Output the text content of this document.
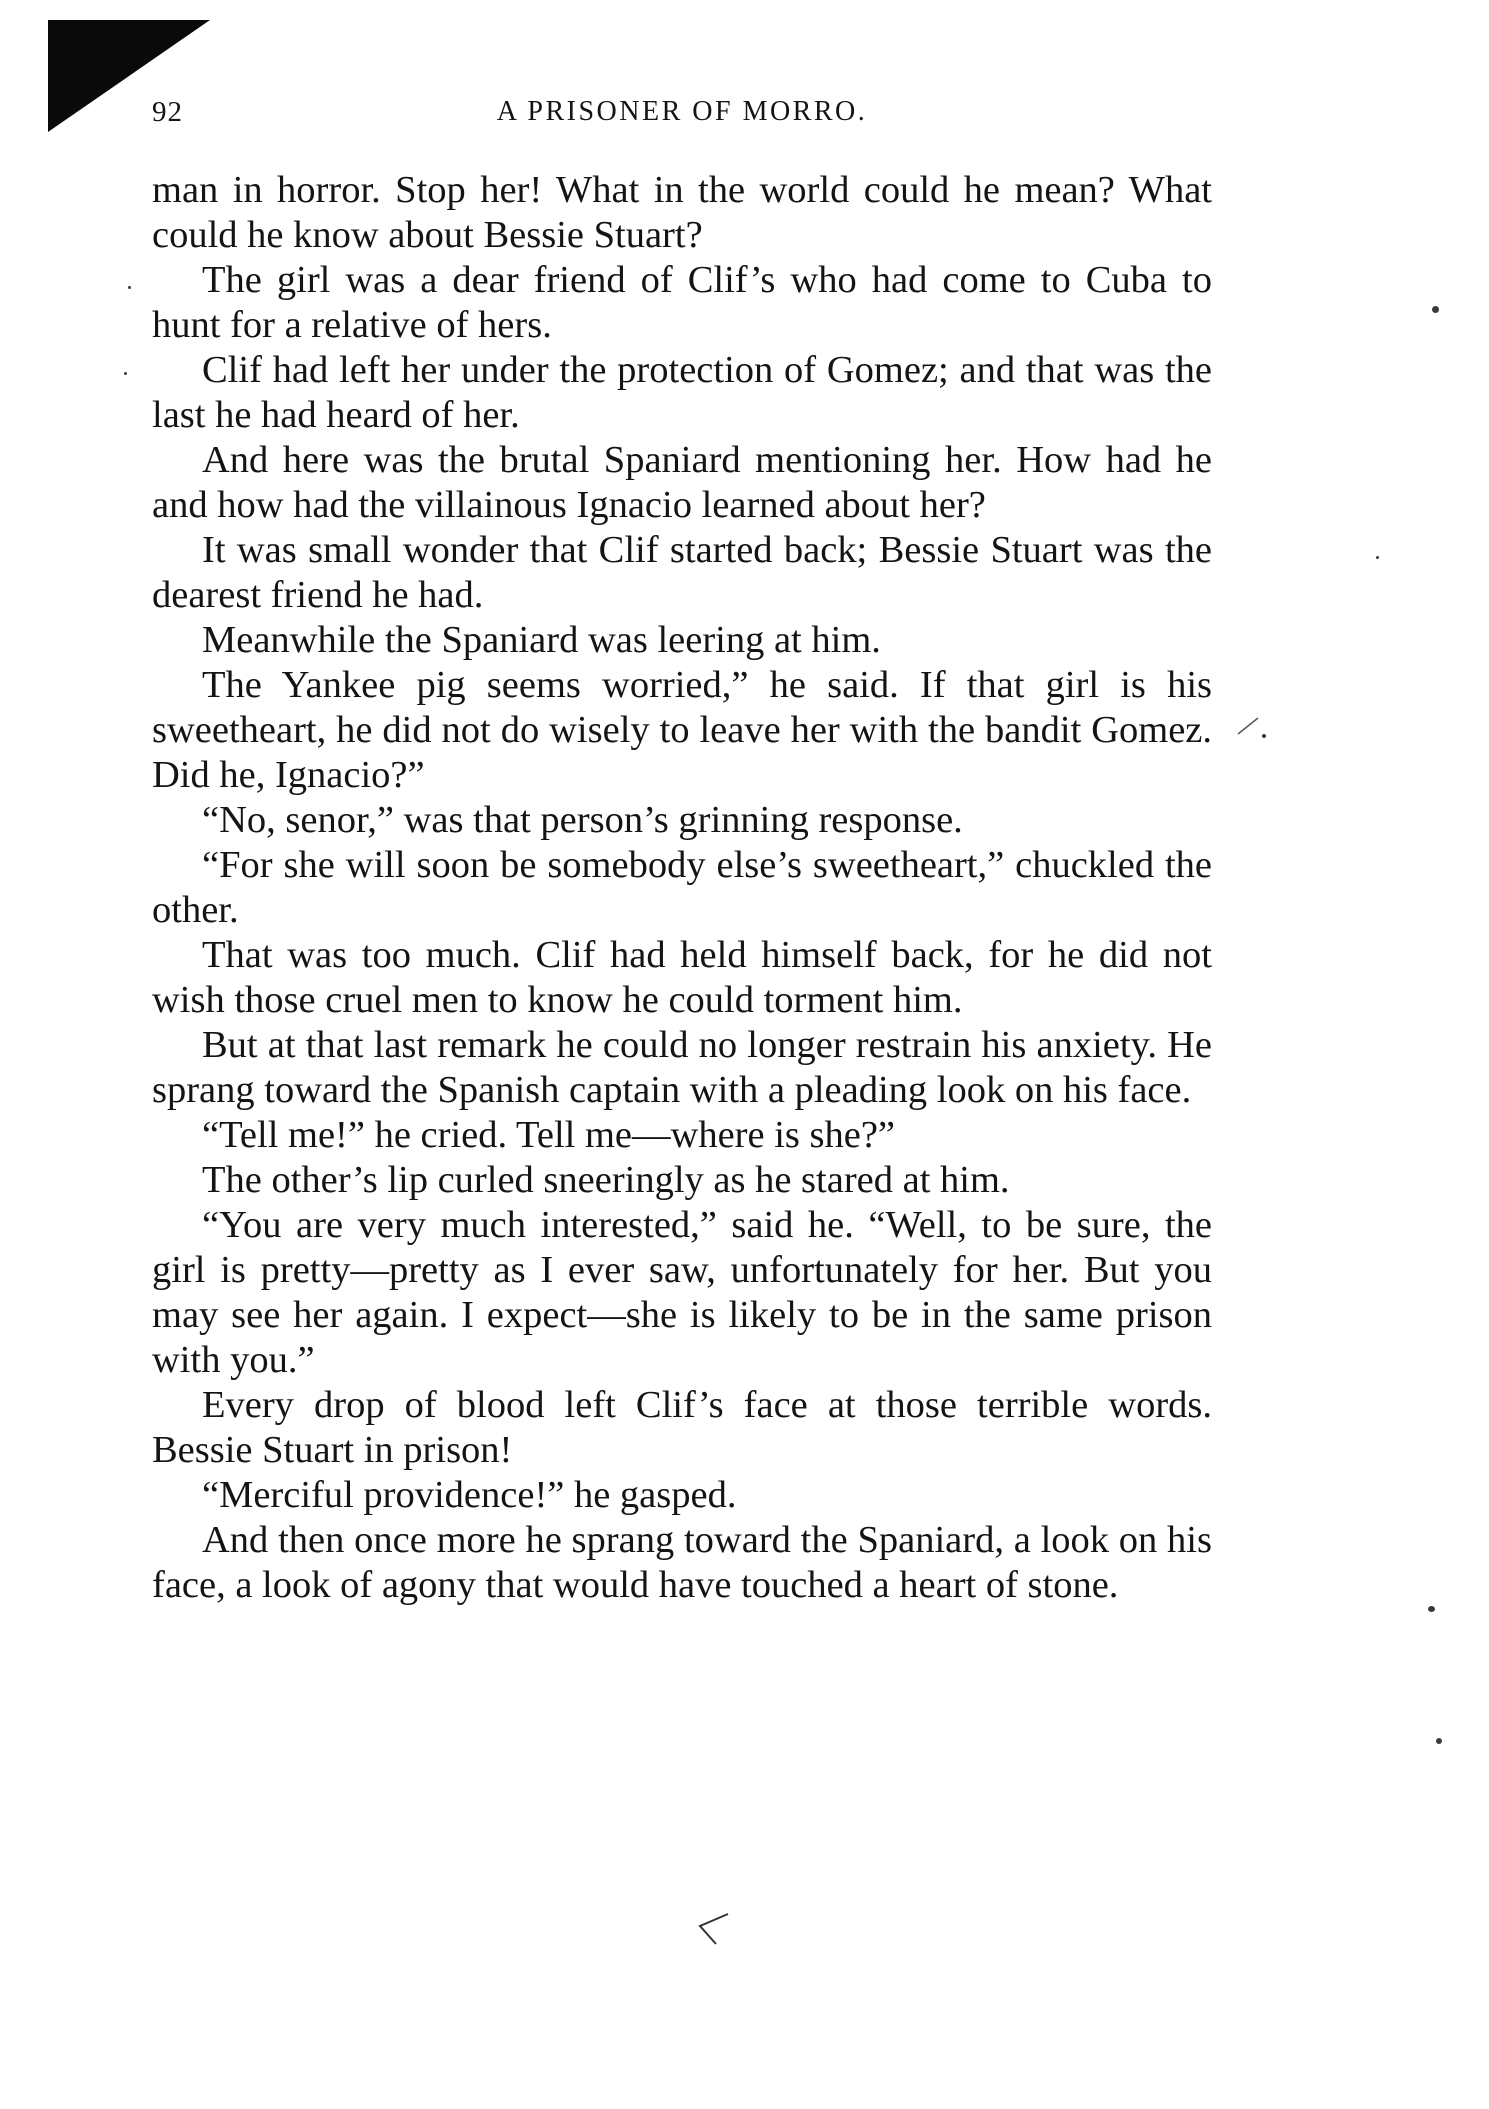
92	A PRISONER OF MORRO.

man in horror. Stop her! What in the world could he mean? What could he know about Bessie Stuart?

The girl was a dear friend of Clif’s who had come to Cuba to hunt for a relative of hers.

Clif had left her under the protection of Gomez; and that was the last he had heard of her.

And here was the brutal Spaniard mentioning her. How had he and how had the villainous Ignacio learned about her?

It was small wonder that Clif started back; Bessie Stuart was the dearest friend he had.

Meanwhile the Spaniard was leering at him.

The Yankee pig seems worried,” he said. If that girl is his sweetheart, he did not do wisely to leave her with the bandit Gomez. Did he, Ignacio?”

“No, senor,” was that person’s grinning response.

“For she will soon be somebody else’s sweetheart,” chuckled the other.

That was too much. Clif had held himself back, for he did not wish those cruel men to know he could torment him.

But at that last remark he could no longer restrain his anxiety. He sprang toward the Spanish captain with a pleading look on his face.

“Tell me!” he cried. Tell me—where is she?”

The other’s lip curled sneeringly as he stared at him.

“You are very much interested,” said he. “Well, to be sure, the girl is pretty—pretty as I ever saw, unfortunately for her. But you may see her again. I expect—she is likely to be in the same prison with you.”

Every drop of blood left Clif’s face at those terrible words. Bessie Stuart in prison!

“Merciful providence!” he gasped.

And then once more he sprang toward the Spaniard, a look on his face, a look of agony that would have touched a heart of stone.
